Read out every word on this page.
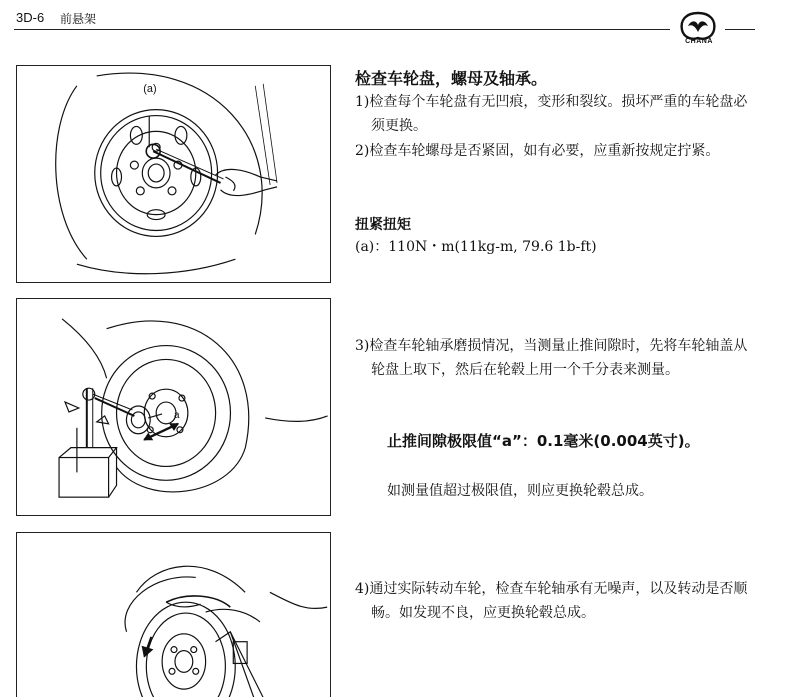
3D-6 前悬架
CHANA
(a)
a
检查车轮盘，螺母及轴承。
1)检查每个车轮盘有无凹痕，变形和裂纹。损坏严重的车轮盘必须更换。
2)检查车轮螺母是否紧固，如有必要，应重新按规定拧紧。
扭紧扭矩
(a)：110N・m(11kg-m, 79.6 1b-ft)
3)检查车轮轴承磨损情况，当测量止推间隙时，先将车轮轴盖从轮盘上取下，然后在轮毂上用一个千分表来测量。
止推间隙极限值“a”：0.1毫米(0.004英寸)。
如测量值超过极限值，则应更换轮毂总成。
4)通过实际转动车轮，检查车轮轴承有无噪声，以及转动是否顺畅。如发现不良，应更换轮毂总成。
